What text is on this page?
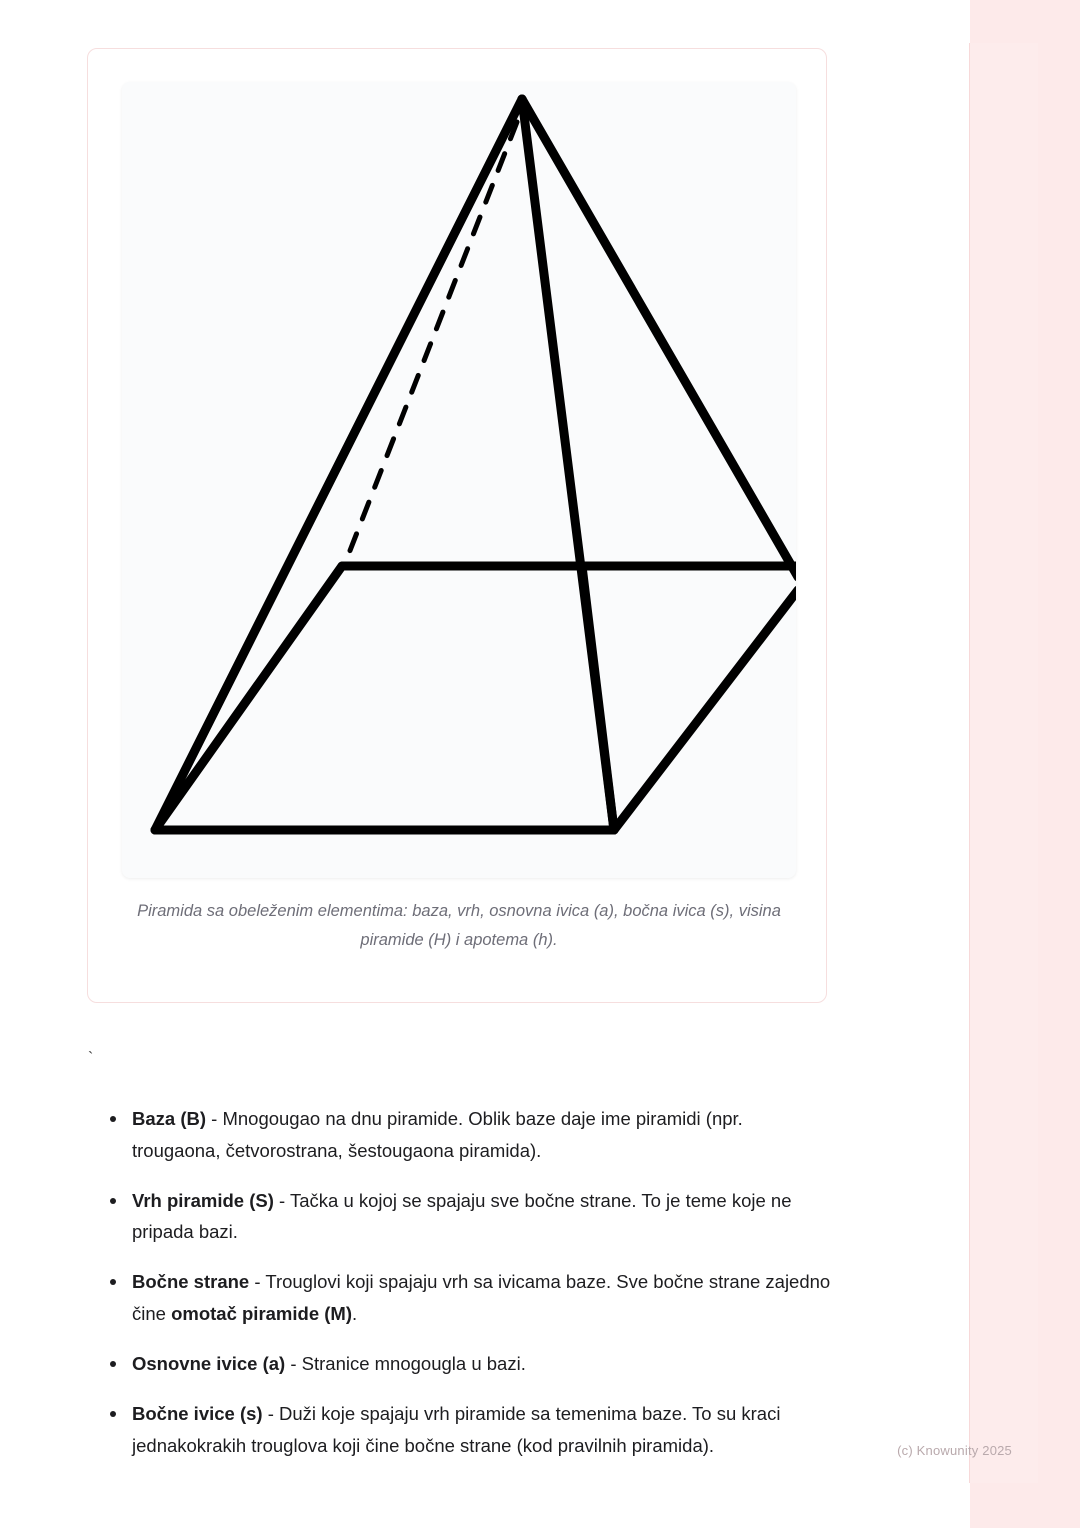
Piramida sa obeleženim elementima: baza, vrh, osnovna ivica (a), bočna ivica (s), visina piramide (H) i apotema (h).
`
Baza (B) - Mnogougao na dnu piramide. Oblik baze daje ime piramidi (npr. trougaona, četvorostrana, šestougaona piramida).
Vrh piramide (S) - Tačka u kojoj se spajaju sve bočne strane. To je teme koje ne pripada bazi.
Bočne strane - Trouglovi koji spajaju vrh sa ivicama baze. Sve bočne strane zajedno čine omotač piramide (M).
Osnovne ivice (a) - Stranice mnogougla u bazi.
Bočne ivice (s) - Duži koje spajaju vrh piramide sa temenima baze. To su kraci jednakokrakih trouglova koji čine bočne strane (kod pravilnih piramida).	(c) Knowunity 2025
